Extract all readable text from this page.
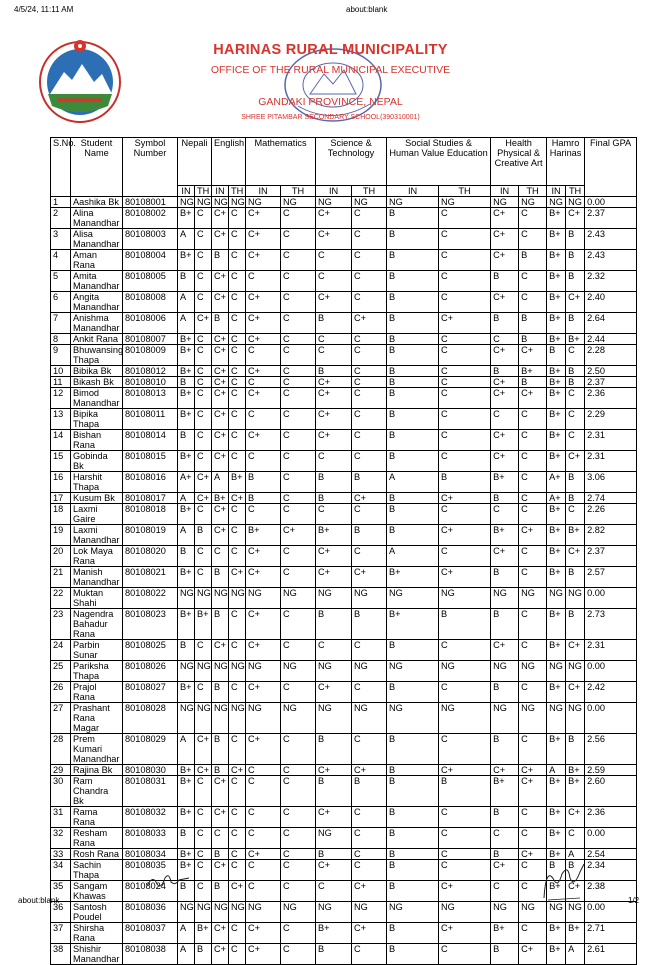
4/5/24, 11:11 AM	about:blank
HARINAS RURAL MUNICIPALITY
OFFICE OF THE RURAL MUNICIPAL EXECUTIVE
GANDAKI PROVINCE, NEPAL
SHREE PITAMBAR SECONDARY SCHOOL(390310001)
S.No.	Student Name	Symbol Number	Nepali		English		Mathematics		Science & Technology		Social Studies & Human Value Education		Health Physical & Creative Art		Hamro Harinas		Final GPA
			IN	TH	IN	TH	IN	TH	IN	TH	IN	TH	IN	TH	IN	TH	
1	Aashika Bk	80108001	NG	NG	NG	NG	NG	NG	NG	NG	NG	NG	NG	NG	NG	NG	0.00
2	Alina Manandhar	80108002	B+	C	C+	C	C+	C	C+	C	B	C	C+	C	B+	C+	2.37
3	Alisa Manandhar	80108003	A	C	C+	C	C+	C	C+	C	B	C	C+	C	B+	B	2.43
4	Aman Rana	80108004	B+	C	B	C	C+	C	C	C	B	C	C+	B	B+	B	2.43
5	Amita Manandhar	80108005	B	C	C+	C	C	C	C	C	B	C	B	C	B+	B	2.32
6	Angita Manandhar	80108008	A	C	C+	C	C+	C	C+	C	B	C	C+	C	B+	C+	2.40
7	Anishma Manandhar	80108006	A	C+	B	C	C+	C	B	C+	B	C+	B	B	B+	B	2.64
8	Ankit Rana	80108007	B+	C	C+	C	C+	C	C	C	B	C	C	B	B+	B+	2.44
9	Bhuwansing Thapa	80108009	B+	C	C+	C	C	C	C	C	B	C	C+	C+	B	C	2.28
10	Bibika Bk	80108012	B+	C	C+	C	C+	C	B	C	B	C	B	B+	B+	B	2.50
11	Bikash Bk	80108010	B	C	C+	C	C	C	C+	C	B	C	C+	B	B+	B	2.37
12	Bimod Manandhar	80108013	B+	C	C+	C	C+	C	C+	C	B	C	C+	C+	B+	C	2.36
13	Bipika Thapa	80108011	B+	C	C+	C	C	C	C+	C	B	C	C	C	B+	C	2.29
14	Bishan Rana	80108014	B	C	C+	C	C+	C	C+	C	B	C	C+	C	B+	C	2.31
15	Gobinda Bk	80108015	B+	C	C+	C	C	C	C	C	B	C	C+	C	B+	C+	2.31
16	Harshit Thapa	80108016	A+	C+	A	B+	B	C	B	B	A	B	B+	C	A+	B	3.06
17	Kusum Bk	80108017	A	C+	B+	C+	B	C	B	C+	B	C+	B	C	A+	B	2.74
18	Laxmi Gaire	80108018	B+	C	C+	C	C	C	C	C	B	C	C	C	B+	C	2.26
19	Laxmi Manandhar	80108019	A	B	C+	C	B+	C+	B+	B	B	C+	B+	C+	B+	B+	2.82
20	Lok Maya Rana	80108020	B	C	C	C	C+	C	C+	C	A	C	C+	C	B+	C+	2.37
21	Manish Manandhar	80108021	B+	C	B	C+	C+	C	C+	C+	B+	C+	B	C	B+	B	2.57
22	Muktan Shahi	80108022	NG	NG	NG	NG	NG	NG	NG	NG	NG	NG	NG	NG	NG	NG	0.00
23	Nagendra Bahadur Rana	80108023	B+	B+	B	C	C+	C	B	B	B+	B	B	C	B+	B	2.73
24	Parbin Sunar	80108025	B	C	C+	C	C+	C	C	C	B	C	C+	C	B+	C+	2.31
25	Pariksha Thapa	80108026	NG	NG	NG	NG	NG	NG	NG	NG	NG	NG	NG	NG	NG	NG	0.00
26	Prajol Rana	80108027	B+	C	B	C	C+	C	C+	C	B	C	B	C	B+	C+	2.42
27	Prashant Rana Magar	80108028	NG	NG	NG	NG	NG	NG	NG	NG	NG	NG	NG	NG	NG	NG	0.00
28	Prem Kumari Manandhar	80108029	A	C+	B	C	C+	C	B	C	B	C	B	C	B+	B	2.56
29	Rajina Bk	80108030	B+	C+	B	C+	C	C	C+	C+	B	C+	C+	C+	A	B+	2.59
30	Ram Chandra Bk	80108031	B+	C	C+	C	C	C	B	B	B	B	B+	C+	B+	B+	2.60
31	Rama Rana	80108032	B+	C	C+	C	C	C	C+	C	B	C	B	C	B+	C+	2.36
32	Resham Rana	80108033	B	C	C	C	C	C	NG	C	B	C	C	C	B+	C	0.00
33	Rosh Rana	80108034	B+	C	B	C	C+	C	B	C	B	C	B	C+	B+	A	2.54
34	Sachin Thapa	80108035	B+	C	C+	C	C	C	C+	C	B	C	C+	C	B	B	2.34
35	Sangam Khawas	80108024	B	C	B	C+	C	C	C	C+	B	C+	C	C	B+	C+	2.38
36	Santosh Poudel	80108036	NG	NG	NG	NG	NG	NG	NG	NG	NG	NG	NG	NG	NG	NG	0.00
37	Shirsha Rana	80108037	A	B+	C+	C	C+	C	B+	C+	B	C+	B+	C	B+	B+	2.71
38	Shishir Manandhar	80108038	A	B	C+	C	C+	C	B	C	B	C	B	C+	B+	A	2.61
about:blank	1/2
